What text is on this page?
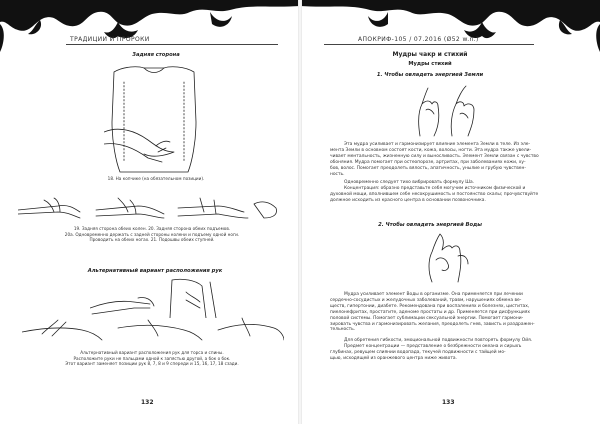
ТРАДИЦИИ И ПРОРОКИ
Задняя сторона
18. На копчике (на обязательном позиции).
19. Задняя сторона обеих колен. 20. Задняя сторона обеих подъемов.
20а. Одновременно держать с задней стороны колени и подъему одной ноги.
Проводить на обеих ногах. 21. Подошвы обеих ступней.
Альтернативный вариант расположения рук
Альтернативный вариант расположения рук для торса и спины.
Расположите руки не пальцами одной к запястью другой, а бок о бок.
Этот вариант заменяет позиции рук 8, 7, 8 и 9 спереди и 15, 16, 17, 18 сзади.
132
АПОКРИФ-105 / 07.2016 (Ø52 w.n.)
Мудры чакр и стихий
Мудры стихий
1. Чтобы овладеть энергией Земли
Эта мудра усиливает и гармонизирует влияние элемента Земли в теле. Из эле-
мента Земли в основном состоят кости, кожа, волосы, ногти. Эта мудра также увели-
чивает ментальность, жизненную силу и выносливость. Элемент Земли связан с чувство
обоняния. Мудра помогает при остеопорозе, артритах, при заболеваниях кожи, ху-
бов, волос. Помогает преодолеть вялость, апатичность, унылие и грубую чувствен-
ность.
Одновременно следует тихо вибрировать формулу Ша.
Концентрация: образно представьте себя могучим источником физической и
духовной мощи, вполнившем себе несокрушимость и постоянство скалы; прочувствуйте
должное исходить из красного центра в основании позвоночника.
2. Чтобы овладеть энергией Воды
Мудра усиливает элемент Воды в организме. Она применяется при лечении
сердечно-сосудистых и желудочных заболеваний, травм, нарушениях обмена ве-
ществ, гипертонии, диабете. Рекомендована при воспалениях и болезнях, циститах,
пиелонефритах, простатите, аденоме простаты и др. Применяется при дисфункциях
половой системы. Помогает сублимации сексуальной энергии. Помогает гармони-
зировать чувства и гармонизировать желания, преодолеть гнев, зависть и раздражен-
тельность.
Для обретения гибкости, эмоциональной подвижности повторять формулу Ойя.
Предмет концентрации — представление о безбрежности океана и сирыхъ
глубинах, ревущем слиянии водопада, текучей подвижности с тайщей мо-
щью, исходящей из оранжевого центра ниже живота.
133
